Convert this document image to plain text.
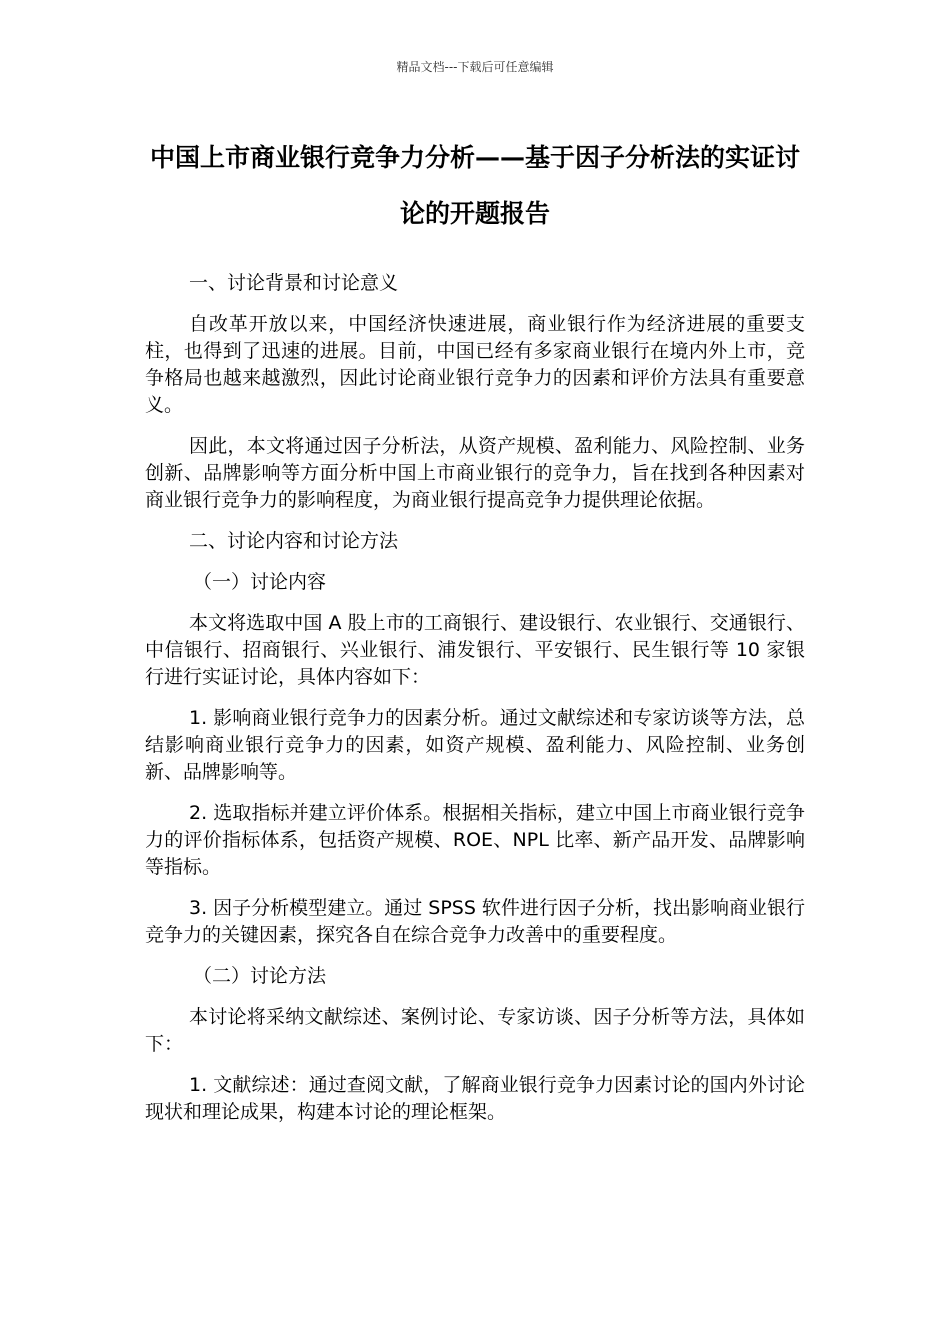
精品文档---下载后可任意编辑
中国上市商业银行竞争力分析——基于因子分析法的实证讨论的开题报告

一、讨论背景和讨论意义

自改革开放以来，中国经济快速进展，商业银行作为经济进展的重要支柱，也得到了迅速的进展。目前，中国已经有多家商业银行在境内外上市，竞争格局也越来越激烈，因此讨论商业银行竞争力的因素和评价方法具有重要意义。

因此，本文将通过因子分析法，从资产规模、盈利能力、风险控制、业务创新、品牌影响等方面分析中国上市商业银行的竞争力，旨在找到各种因素对商业银行竞争力的影响程度，为商业银行提高竞争力提供理论依据。

二、讨论内容和讨论方法

（一）讨论内容

本文将选取中国 A 股上市的工商银行、建设银行、农业银行、交通银行、中信银行、招商银行、兴业银行、浦发银行、平安银行、民生银行等 10 家银行进行实证讨论，具体内容如下：

1. 影响商业银行竞争力的因素分析。通过文献综述和专家访谈等方法，总结影响商业银行竞争力的因素，如资产规模、盈利能力、风险控制、业务创新、品牌影响等。

2. 选取指标并建立评价体系。根据相关指标，建立中国上市商业银行竞争力的评价指标体系，包括资产规模、ROE、NPL 比率、新产品开发、品牌影响等指标。

3. 因子分析模型建立。通过 SPSS 软件进行因子分析，找出影响商业银行竞争力的关键因素，探究各自在综合竞争力改善中的重要程度。

（二）讨论方法

本讨论将采纳文献综述、案例讨论、专家访谈、因子分析等方法，具体如下：

1. 文献综述：通过查阅文献，了解商业银行竞争力因素讨论的国内外讨论现状和理论成果，构建本讨论的理论框架。
